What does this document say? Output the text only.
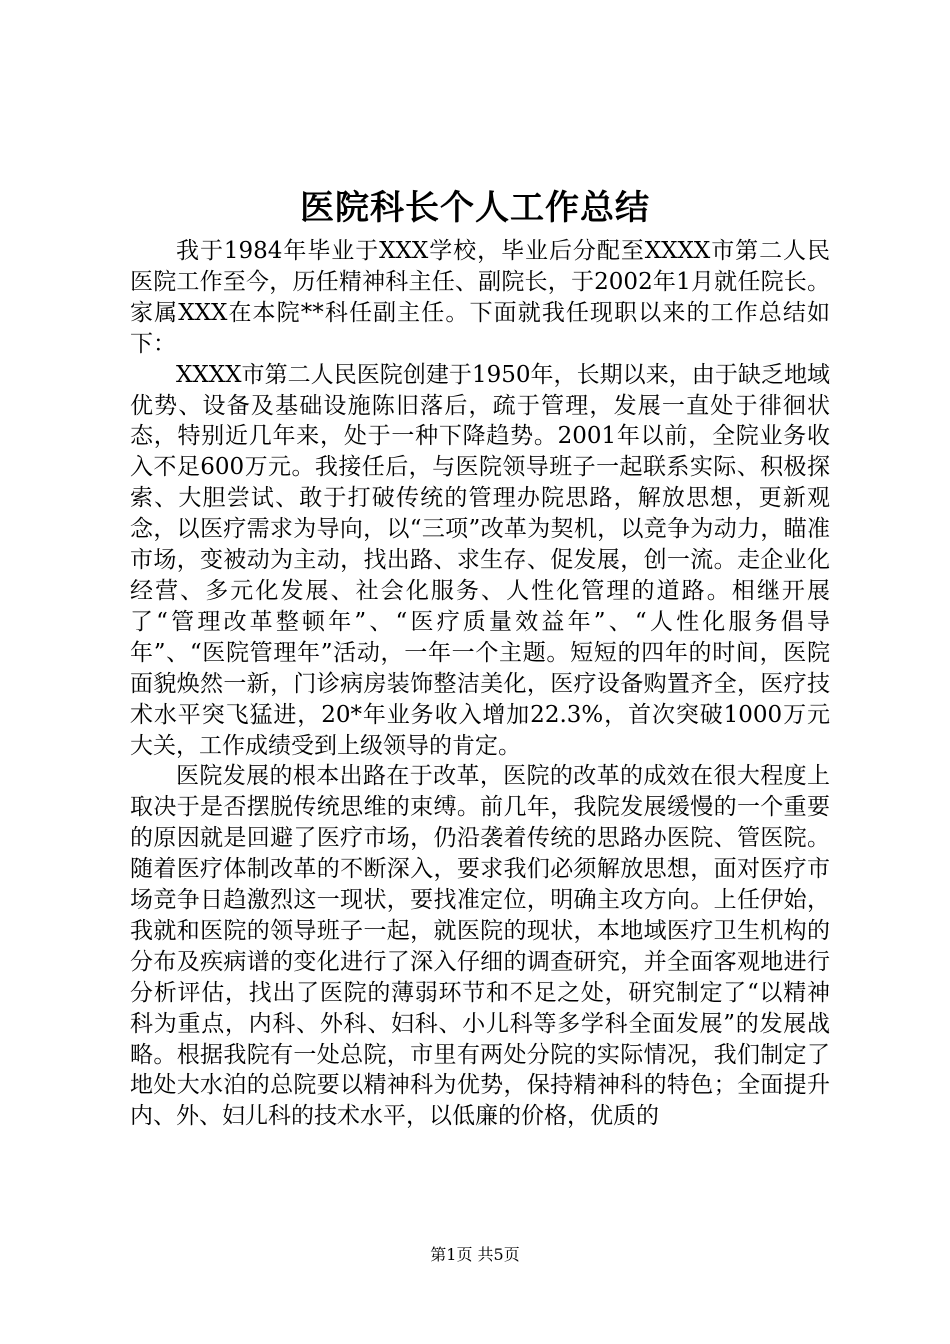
医院科长个人工作总结

我于1984年毕业于XXX学校，毕业后分配至XXXX市第二人民医院工作至今，历任精神科主任、副院长，于2002年1月就任院长。家属XXX在本院**科任副主任。下面就我任现职以来的工作总结如下：

XXXX市第二人民医院创建于1950年，长期以来，由于缺乏地域优势、设备及基础设施陈旧落后，疏于管理，发展一直处于徘徊状态，特别近几年来，处于一种下降趋势。2001年以前，全院业务收入不足600万元。我接任后，与医院领导班子一起联系实际、积极探索、大胆尝试、敢于打破传统的管理办院思路，解放思想，更新观念，以医疗需求为导向，以“三项”改革为契机，以竞争为动力，瞄准市场，变被动为主动，找出路、求生存、促发展，创一流。走企业化经营、多元化发展、社会化服务、人性化管理的道路。相继开展了“管理改革整顿年”、“医疗质量效益年”、“人性化服务倡导年”、“医院管理年”活动，一年一个主题。短短的四年的时间，医院面貌焕然一新，门诊病房装饰整洁美化，医疗设备购置齐全，医疗技术水平突飞猛进，20*年业务收入增加22.3%，首次突破1000万元大关，工作成绩受到上级领导的肯定。

医院发展的根本出路在于改革，医院的改革的成效在很大程度上取决于是否摆脱传统思维的束缚。前几年，我院发展缓慢的一个重要的原因就是回避了医疗市场，仍沿袭着传统的思路办医院、管医院。随着医疗体制改革的不断深入，要求我们必须解放思想，面对医疗市场竞争日趋激烈这一现状，要找准定位，明确主攻方向。上任伊始，我就和医院的领导班子一起，就医院的现状，本地域医疗卫生机构的分布及疾病谱的变化进行了深入仔细的调查研究，并全面客观地进行分析评估，找出了医院的薄弱环节和不足之处，研究制定了“以精神科为重点，内科、外科、妇科、小儿科等多学科全面发展”的发展战略。根据我院有一处总院，市里有两处分院的实际情况，我们制定了地处大水泊的总院要以精神科为优势，保持精神科的特色；全面提升内、外、妇儿科的技术水平，以低廉的价格，优质的

第1页 共5页
